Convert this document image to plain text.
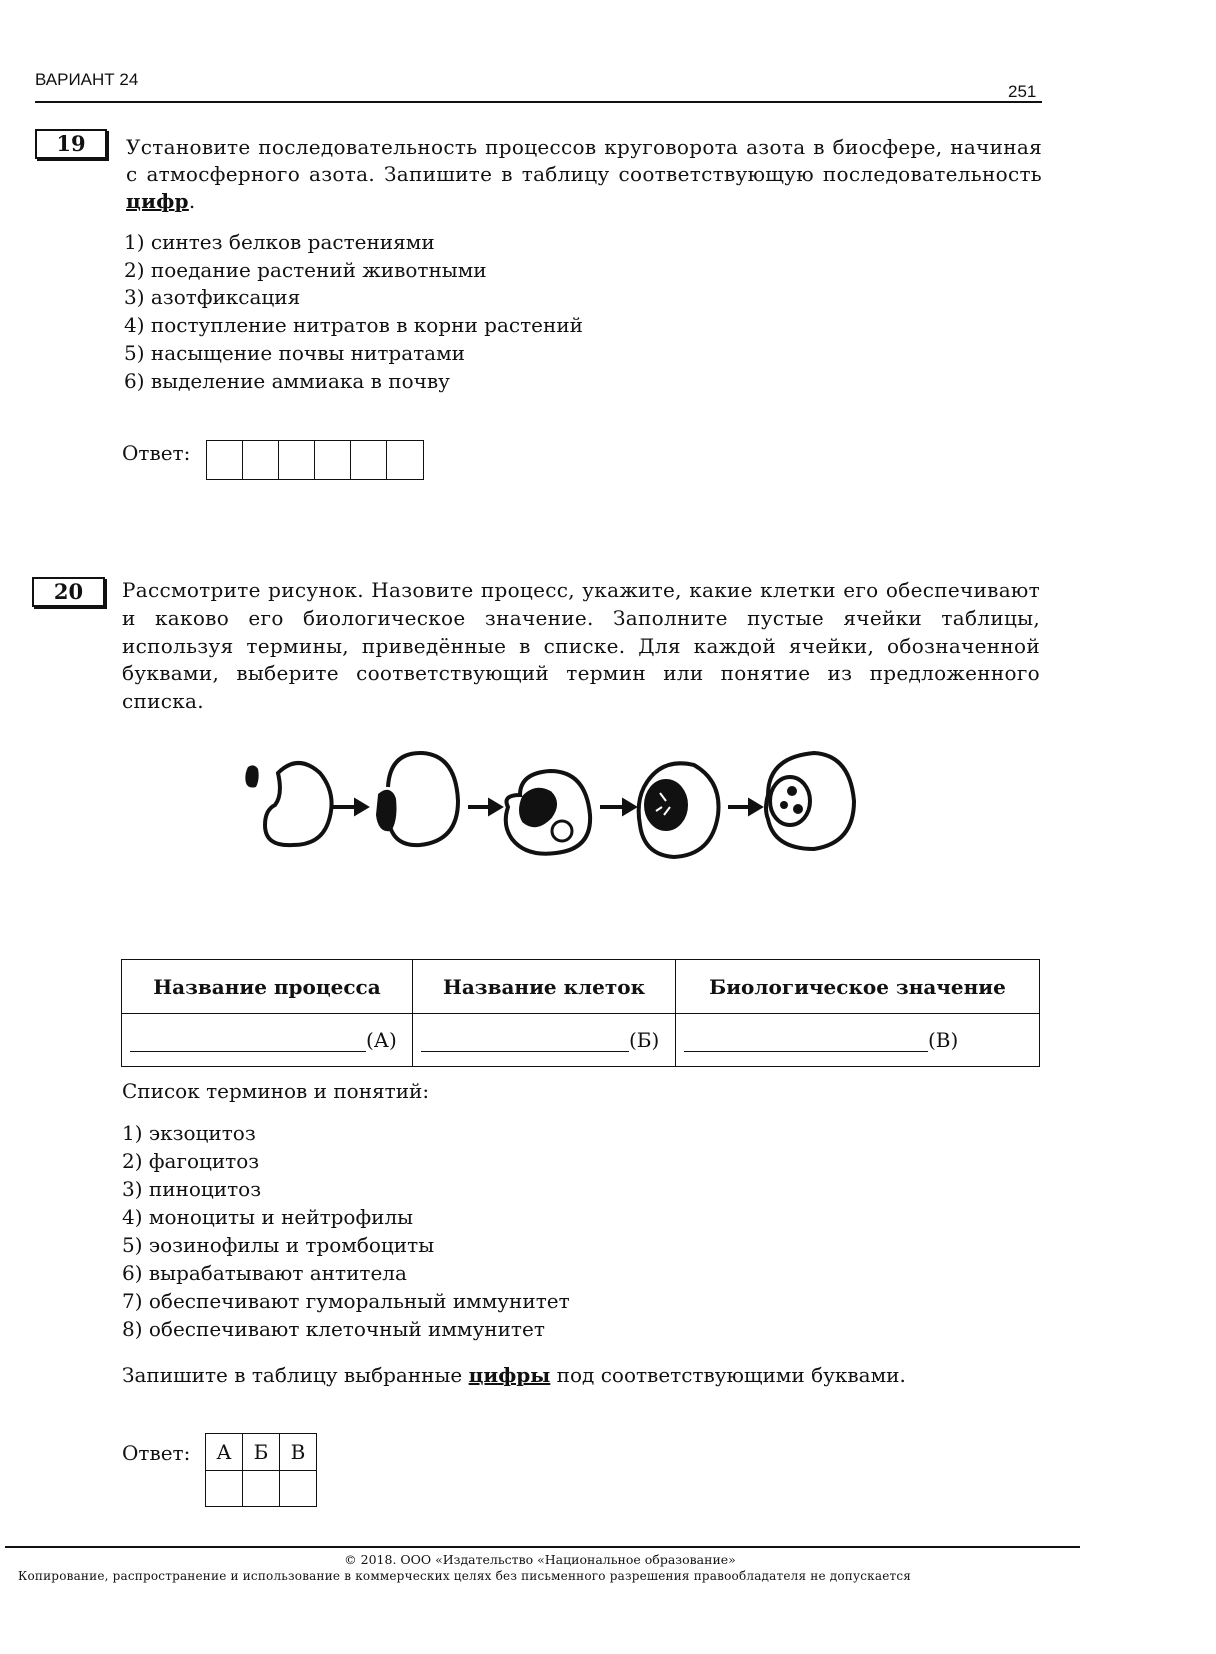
ВАРИАНТ 24
251
19	Установите последовательность процессов круговорота азота в биосфере, начиная с атмосферного азота. Запишите в таблицу соответствующую последовательность цифр.
1) синтез белков растениями
2) поедание растений животными
3) азотфиксация
4) поступление нитратов в корни растений
5) насыщение почвы нитратами
6) выделение аммиака в почву
Ответ:
20	Рассмотрите рисунок. Назовите процесс, укажите, какие клетки его обеспечивают и каково его биологическое значение. Заполните пустые ячейки таблицы, используя термины, приведённые в списке. Для каждой ячейки, обозначенной буквами, выберите соответствующий термин или понятие из предложенного списка.
Название процесса	Название клеток	Биологическое значение
(А)	(Б)	(В)
Список терминов и понятий:
1) экзоцитоз
2) фагоцитоз
3) пиноцитоз
4) моноциты и нейтрофилы
5) эозинофилы и тромбоциты
6) вырабатывают антитела
7) обеспечивают гуморальный иммунитет
8) обеспечивают клеточный иммунитет
Запишите в таблицу выбранные цифры под соответствующими буквами.
Ответ: А	Б	В

© 2018. ООО «Издательство «Национальное образование»
Копирование, распространение и использование в коммерческих целях без письменного разрешения правообладателя не допускается
